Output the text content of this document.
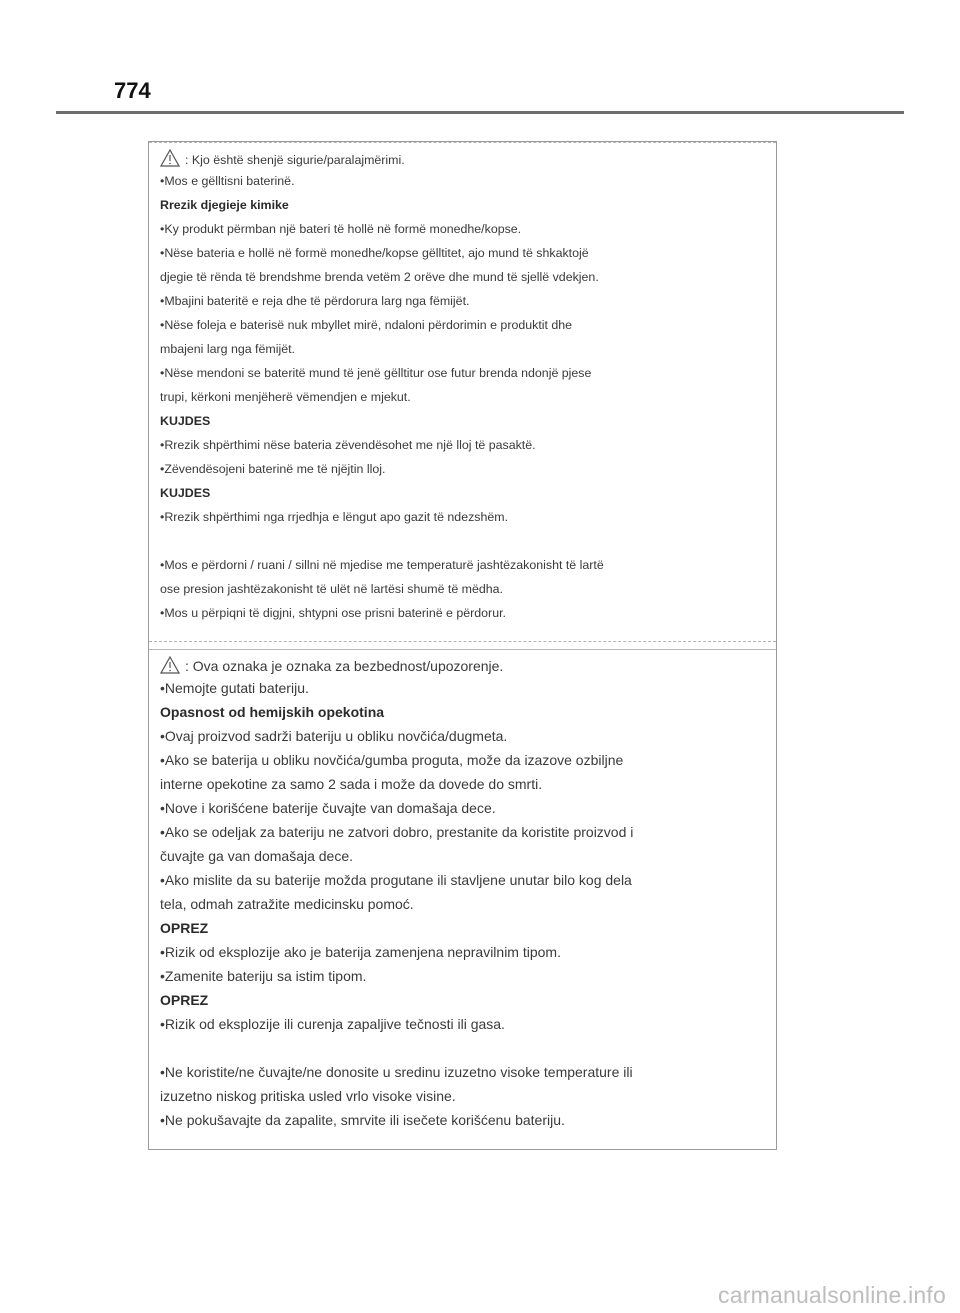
774
: Kjo është shenjë sigurie/paralajmërimi.
•Mos e gëlltisni baterinë.
Rrezik djegieje kimike
•Ky produkt përmban një bateri të hollë në formë monedhe/kopse.
•Nëse bateria e hollë në formë monedhe/kopse gëlltitet, ajo mund të shkaktojë
djegie të rënda të brendshme brenda vetëm 2 orëve dhe mund të sjellë vdekjen.
•Mbajini bateritë e reja dhe të përdorura larg nga fëmijët.
•Nëse foleja e baterisë nuk mbyllet mirë, ndaloni përdorimin e produktit dhe
mbajeni larg nga fëmijët.
•Nëse mendoni se bateritë mund të jenë gëlltitur ose futur brenda ndonjë pjese
trupi, kërkoni menjëherë vëmendjen e mjekut.
KUJDES
•Rrezik shpërthimi nëse bateria zëvendësohet me një lloj të pasaktë.
•Zëvendësojeni baterinë me të njëjtin lloj.
KUJDES
•Rrezik shpërthimi nga rrjedhja e lëngut apo gazit të ndezshëm.
•Mos e përdorni / ruani / sillni në mjedise me temperaturë jashtëzakonisht të lartë
ose presion jashtëzakonisht të ulët në lartësi shumë të mëdha.
•Mos u përpiqni të digjni, shtypni ose prisni baterinë e përdorur.
: Ova oznaka je oznaka za bezbednost/upozorenje.
•Nemojte gutati bateriju.
Opasnost od hemijskih opekotina
•Ovaj proizvod sadrži bateriju u obliku novčića/dugmeta.
•Ako se baterija u obliku novčića/gumba proguta, može da izazove ozbiljne
interne opekotine za samo 2 sada i može da dovede do smrti.
•Nove i korišćene baterije čuvajte van domašaja dece.
•Ako se odeljak za bateriju ne zatvori dobro, prestanite da koristite proizvod i
čuvajte ga van domašaja dece.
•Ako mislite da su baterije možda progutane ili stavljene unutar bilo kog dela
tela, odmah zatražite medicinsku pomoć.
OPREZ
•Rizik od eksplozije ako je baterija zamenjena nepravilnim tipom.
•Zamenite bateriju sa istim tipom.
OPREZ
•Rizik od eksplozije ili curenja zapaljive tečnosti ili gasa.
•Ne koristite/ne čuvajte/ne donosite u sredinu izuzetno visoke temperature ili
izuzetno niskog pritiska usled vrlo visoke visine.
•Ne pokušavajte da zapalite, smrvite ili isečete korišćenu bateriju.
carmanualsonline.info
